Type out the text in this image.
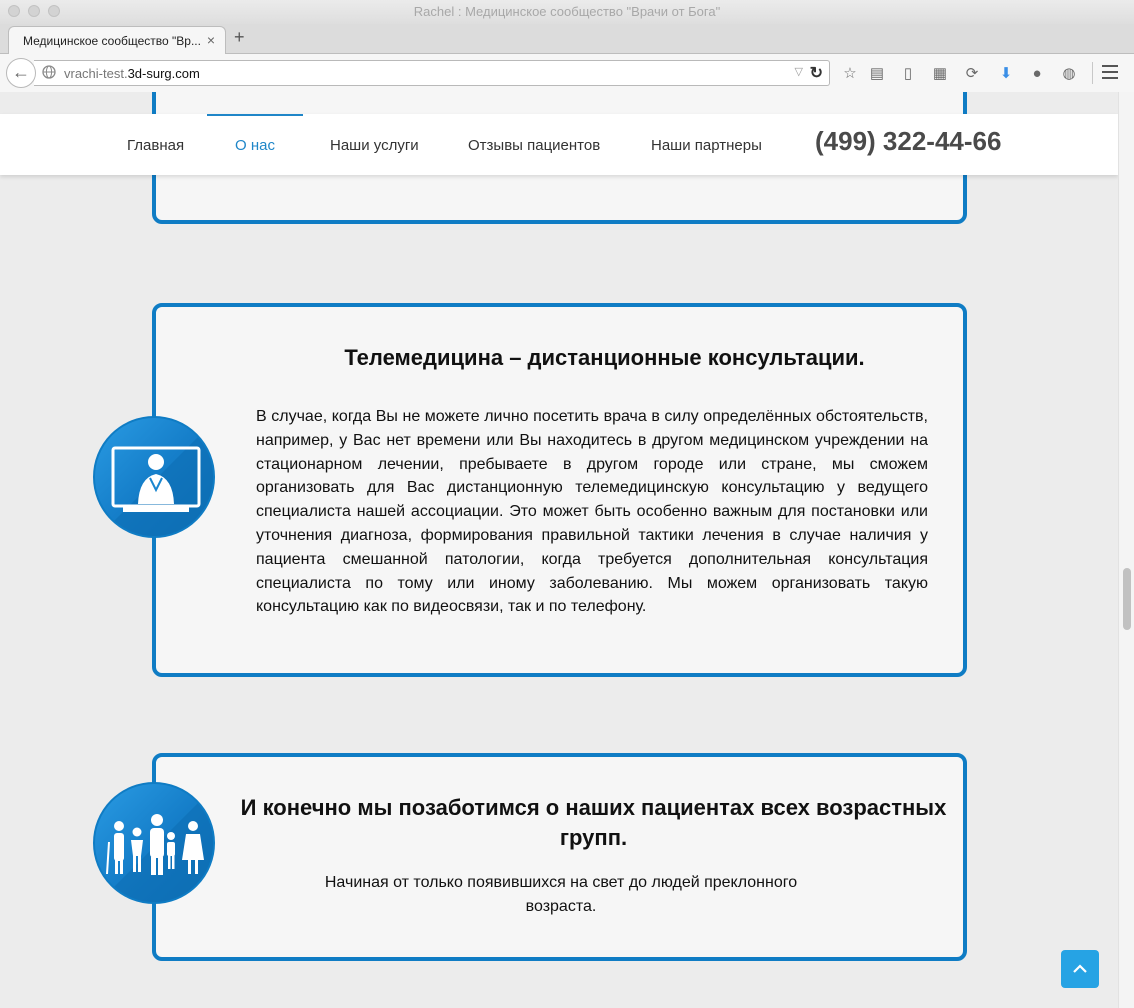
Rachel : Медицинское сообщество "Врачи от Бога"
Медицинское сообщество "Вр... × +
vrachi-test.3d-surg.com	▽ ↻
←	☆ ▤	▯	▦ ⟳ ⬇	●	◍
Главная	О нас	Наши услуги	Отзывы пациентов	Наши партнеры (499) 322-44-66
Телемедицина – дистанционные консультации.

В случае, когда Вы не можете лично посетить врача в силу определённых обстоятельств, например, у Вас нет времени или Вы находитесь в другом медицинском учреждении на стационарном лечении, пребываете в другом городе или стране, мы сможем организовать для Вас дистанционную телемедицинскую консультацию у ведущего специалиста нашей ассоциации. Это может быть особенно важным для постановки или уточнения диагноза, формирования правильной тактики лечения в случае наличия у пациента смешанной патологии, когда требуется дополнительная консультация специалиста по тому или иному заболеванию. Мы можем организовать такую консультацию как по видеосвязи, так и по телефону.

И конечно мы позаботимся о наших пациентах всех возрастных групп.

Начиная от только появившихся на свет до людей преклонного возраста.
